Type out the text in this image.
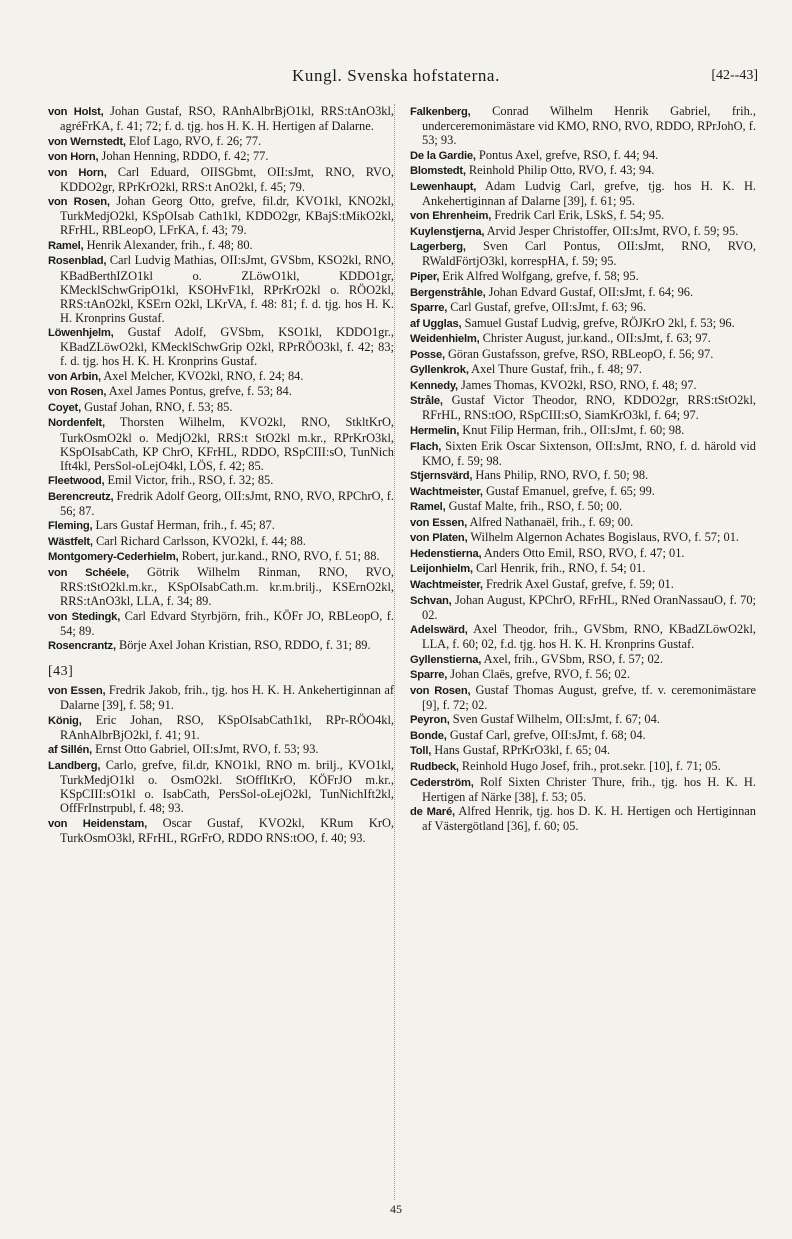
Kungl. Svenska hofstaterna.	[42--43]

von Holst, Johan Gustaf, RSO, RAnhAlbrBjO1kl, RRS:tAnO3kl, agréFrKA, f. 41; 72; f. d. tjg. hos H. K. H. Hertigen af Dalarne.

von Wernstedt, Elof Lago, RVO, f. 26; 77.

von Horn, Johan Henning, RDDO, f. 42; 77.

von Horn, Carl Eduard, OIISGbmt, OII:sJmt, RNO, RVO, KDDO2gr, RPrKrO2kl, RRS:t AnO2kl, f. 45; 79.

von Rosen, Johan Georg Otto, grefve, fil.dr, KVO1kl, KNO2kl, TurkMedjO2kl, KSpOIsab Cath1kl, KDDO2gr, KBajS:tMikO2kl, RFrHL, RBLeopO, LFrKA, f. 43; 79.

Ramel, Henrik Alexander, frih., f. 48; 80.

Rosenblad, Carl Ludvig Mathias, OII:sJmt, GVSbm, KSO2kl, RNO, KBadBerthIZO1kl o. ZLöwO1kl, KDDO1gr, KMecklSchwGripO1kl, KSOHvF1kl, RPrKrO2kl o. RÖO2kl, RRS:tAnO2kl, KSErn O2kl, LKrVA, f. 48: 81; f. d. tjg. hos H. K. H. Kronprins Gustaf.

Löwenhjelm, Gustaf Adolf, GVSbm, KSO1kl, KDDO1gr., KBadZLöwO2kl, KMecklSchwGrip O2kl, RPrRÖO3kl, f. 42; 83; f. d. tjg. hos H. K. H. Kronprins Gustaf.

von Arbin, Axel Melcher, KVO2kl, RNO, f. 24; 84.

von Rosen, Axel James Pontus, grefve, f. 53; 84.

Coyet, Gustaf Johan, RNO, f. 53; 85.

Nordenfelt, Thorsten Wilhelm, KVO2kl, RNO, StkltKrO, TurkOsmO2kl o. MedjO2kl, RRS:t StO2kl m.kr., RPrKrO3kl, KSpOIsabCath, KP ChrO, KFrHL, RDDO, RSpCIII:sO, TunNich Ift4kl, PersSol-oLejO4kl, LÖS, f. 42; 85.

Fleetwood, Emil Victor, frih., RSO, f. 32; 85.

Berencreutz, Fredrik Adolf Georg, OII:sJmt, RNO, RVO, RPChrO, f. 56; 87.

Fleming, Lars Gustaf Herman, frih., f. 45; 87.

Wästfelt, Carl Richard Carlsson, KVO2kl, f. 44; 88.

Montgomery-Cederhielm, Robert, jur.kand., RNO, RVO, f. 51; 88.

von Schéele, Götrik Wilhelm Rinman, RNO, RVO, RRS:tStO2kl.m.kr., KSpOIsabCath.m. kr.m.brilj., KSErnO2kl, RRS:tAnO3kl, LLA, f. 34; 89.

von Stedingk, Carl Edvard Styrbjörn, frih., KÖFr JO, RBLeopO, f. 54; 89.

Rosencrantz, Börje Axel Johan Kristian, RSO, RDDO, f. 31; 89.

[43]

von Essen, Fredrik Jakob, frih., tjg. hos H. K. H. Ankehertiginnan af Dalarne [39], f. 58; 91.

König, Eric Johan, RSO, KSpOIsabCath1kl, RPr-RÖO4kl, RAnhAlbrBjO2kl, f. 41; 91.

af Sillén, Ernst Otto Gabriel, OII:sJmt, RVO, f. 53; 93.

Landberg, Carlo, grefve, fil.dr, KNO1kl, RNO m. brilj., KVO1kl, TurkMedjO1kl o. OsmO2kl. StOffItKrO, KÖFrJO m.kr., KSpCIII:sO1kl o. IsabCath, PersSol-oLejO2kl, TunNichIft2kl, OffFrInstrpubl, f. 48; 93.

von Heidenstam, Oscar Gustaf, KVO2kl, KRum KrO, TurkOsmO3kl, RFrHL, RGrFrO, RDDO RNS:tOO, f. 40; 93.

Falkenberg, Conrad Wilhelm Henrik Gabriel, frih., underceremonimästare vid KMO, RNO, RVO, RDDO, RPrJohO, f. 53; 93.

De la Gardie, Pontus Axel, grefve, RSO, f. 44; 94.

Blomstedt, Reinhold Philip Otto, RVO, f. 43; 94.

Lewenhaupt, Adam Ludvig Carl, grefve, tjg. hos H. K. H. Ankehertiginnan af Dalarne [39], f. 61; 95.

von Ehrenheim, Fredrik Carl Erik, LSkS, f. 54; 95.

Kuylenstjerna, Arvid Jesper Christoffer, OII:sJmt, RVO, f. 59; 95.

Lagerberg, Sven Carl Pontus, OII:sJmt, RNO, RVO, RWaldFörtjO3kl, korrespHA, f. 59; 95.

Piper, Erik Alfred Wolfgang, grefve, f. 58; 95.

Bergenstråhle, Johan Edvard Gustaf, OII:sJmt, f. 64; 96.

Sparre, Carl Gustaf, grefve, OII:sJmt, f. 63; 96.

af Ugglas, Samuel Gustaf Ludvig, grefve, RÖJKrO 2kl, f. 53; 96.

Weidenhielm, Christer August, jur.kand., OII:sJmt, f. 63; 97.

Posse, Göran Gustafsson, grefve, RSO, RBLeopO, f. 56; 97.

Gyllenkrok, Axel Thure Gustaf, frih., f. 48; 97.

Kennedy, James Thomas, KVO2kl, RSO, RNO, f. 48; 97.

Stråle, Gustaf Victor Theodor, RNO, KDDO2gr, RRS:tStO2kl, RFrHL, RNS:tOO, RSpCIII:sO, SiamKrO3kl, f. 64; 97.

Hermelin, Knut Filip Herman, frih., OII:sJmt, f. 60; 98.

Flach, Sixten Erik Oscar Sixtenson, OII:sJmt, RNO, f. d. härold vid KMO, f. 59; 98.

Stjernsvärd, Hans Philip, RNO, RVO, f. 50; 98.

Wachtmeister, Gustaf Emanuel, grefve, f. 65; 99.

Ramel, Gustaf Malte, frih., RSO, f. 50; 00.

von Essen, Alfred Nathanaël, frih., f. 69; 00.

von Platen, Wilhelm Algernon Achates Bogislaus, RVO, f. 57; 01.

Hedenstierna, Anders Otto Emil, RSO, RVO, f. 47; 01.

Leijonhielm, Carl Henrik, frih., RNO, f. 54; 01.

Wachtmeister, Fredrik Axel Gustaf, grefve, f. 59; 01.

Schvan, Johan August, KPChrO, RFrHL, RNed OranNassauO, f. 70; 02.

Adelswärd, Axel Theodor, frih., GVSbm, RNO, KBadZLöwO2kl, LLA, f. 60; 02, f.d. tjg. hos H. K. H. Kronprins Gustaf.

Gyllenstierna, Axel, frih., GVSbm, RSO, f. 57; 02.

Sparre, Johan Claës, grefve, RVO, f. 56; 02.

von Rosen, Gustaf Thomas August, grefve, tf. v. ceremonimästare [9], f. 72; 02.

Peyron, Sven Gustaf Wilhelm, OII:sJmt, f. 67; 04.

Bonde, Gustaf Carl, grefve, OII:sJmt, f. 68; 04.

Toll, Hans Gustaf, RPrKrO3kl, f. 65; 04.

Rudbeck, Reinhold Hugo Josef, frih., prot.sekr. [10], f. 71; 05.

Cederström, Rolf Sixten Christer Thure, frih., tjg. hos H. K. H. Hertigen af Närke [38], f. 53; 05.

de Maré, Alfred Henrik, tjg. hos D. K. H. Hertigen och Hertiginnan af Västergötland [36], f. 60; 05.

45
